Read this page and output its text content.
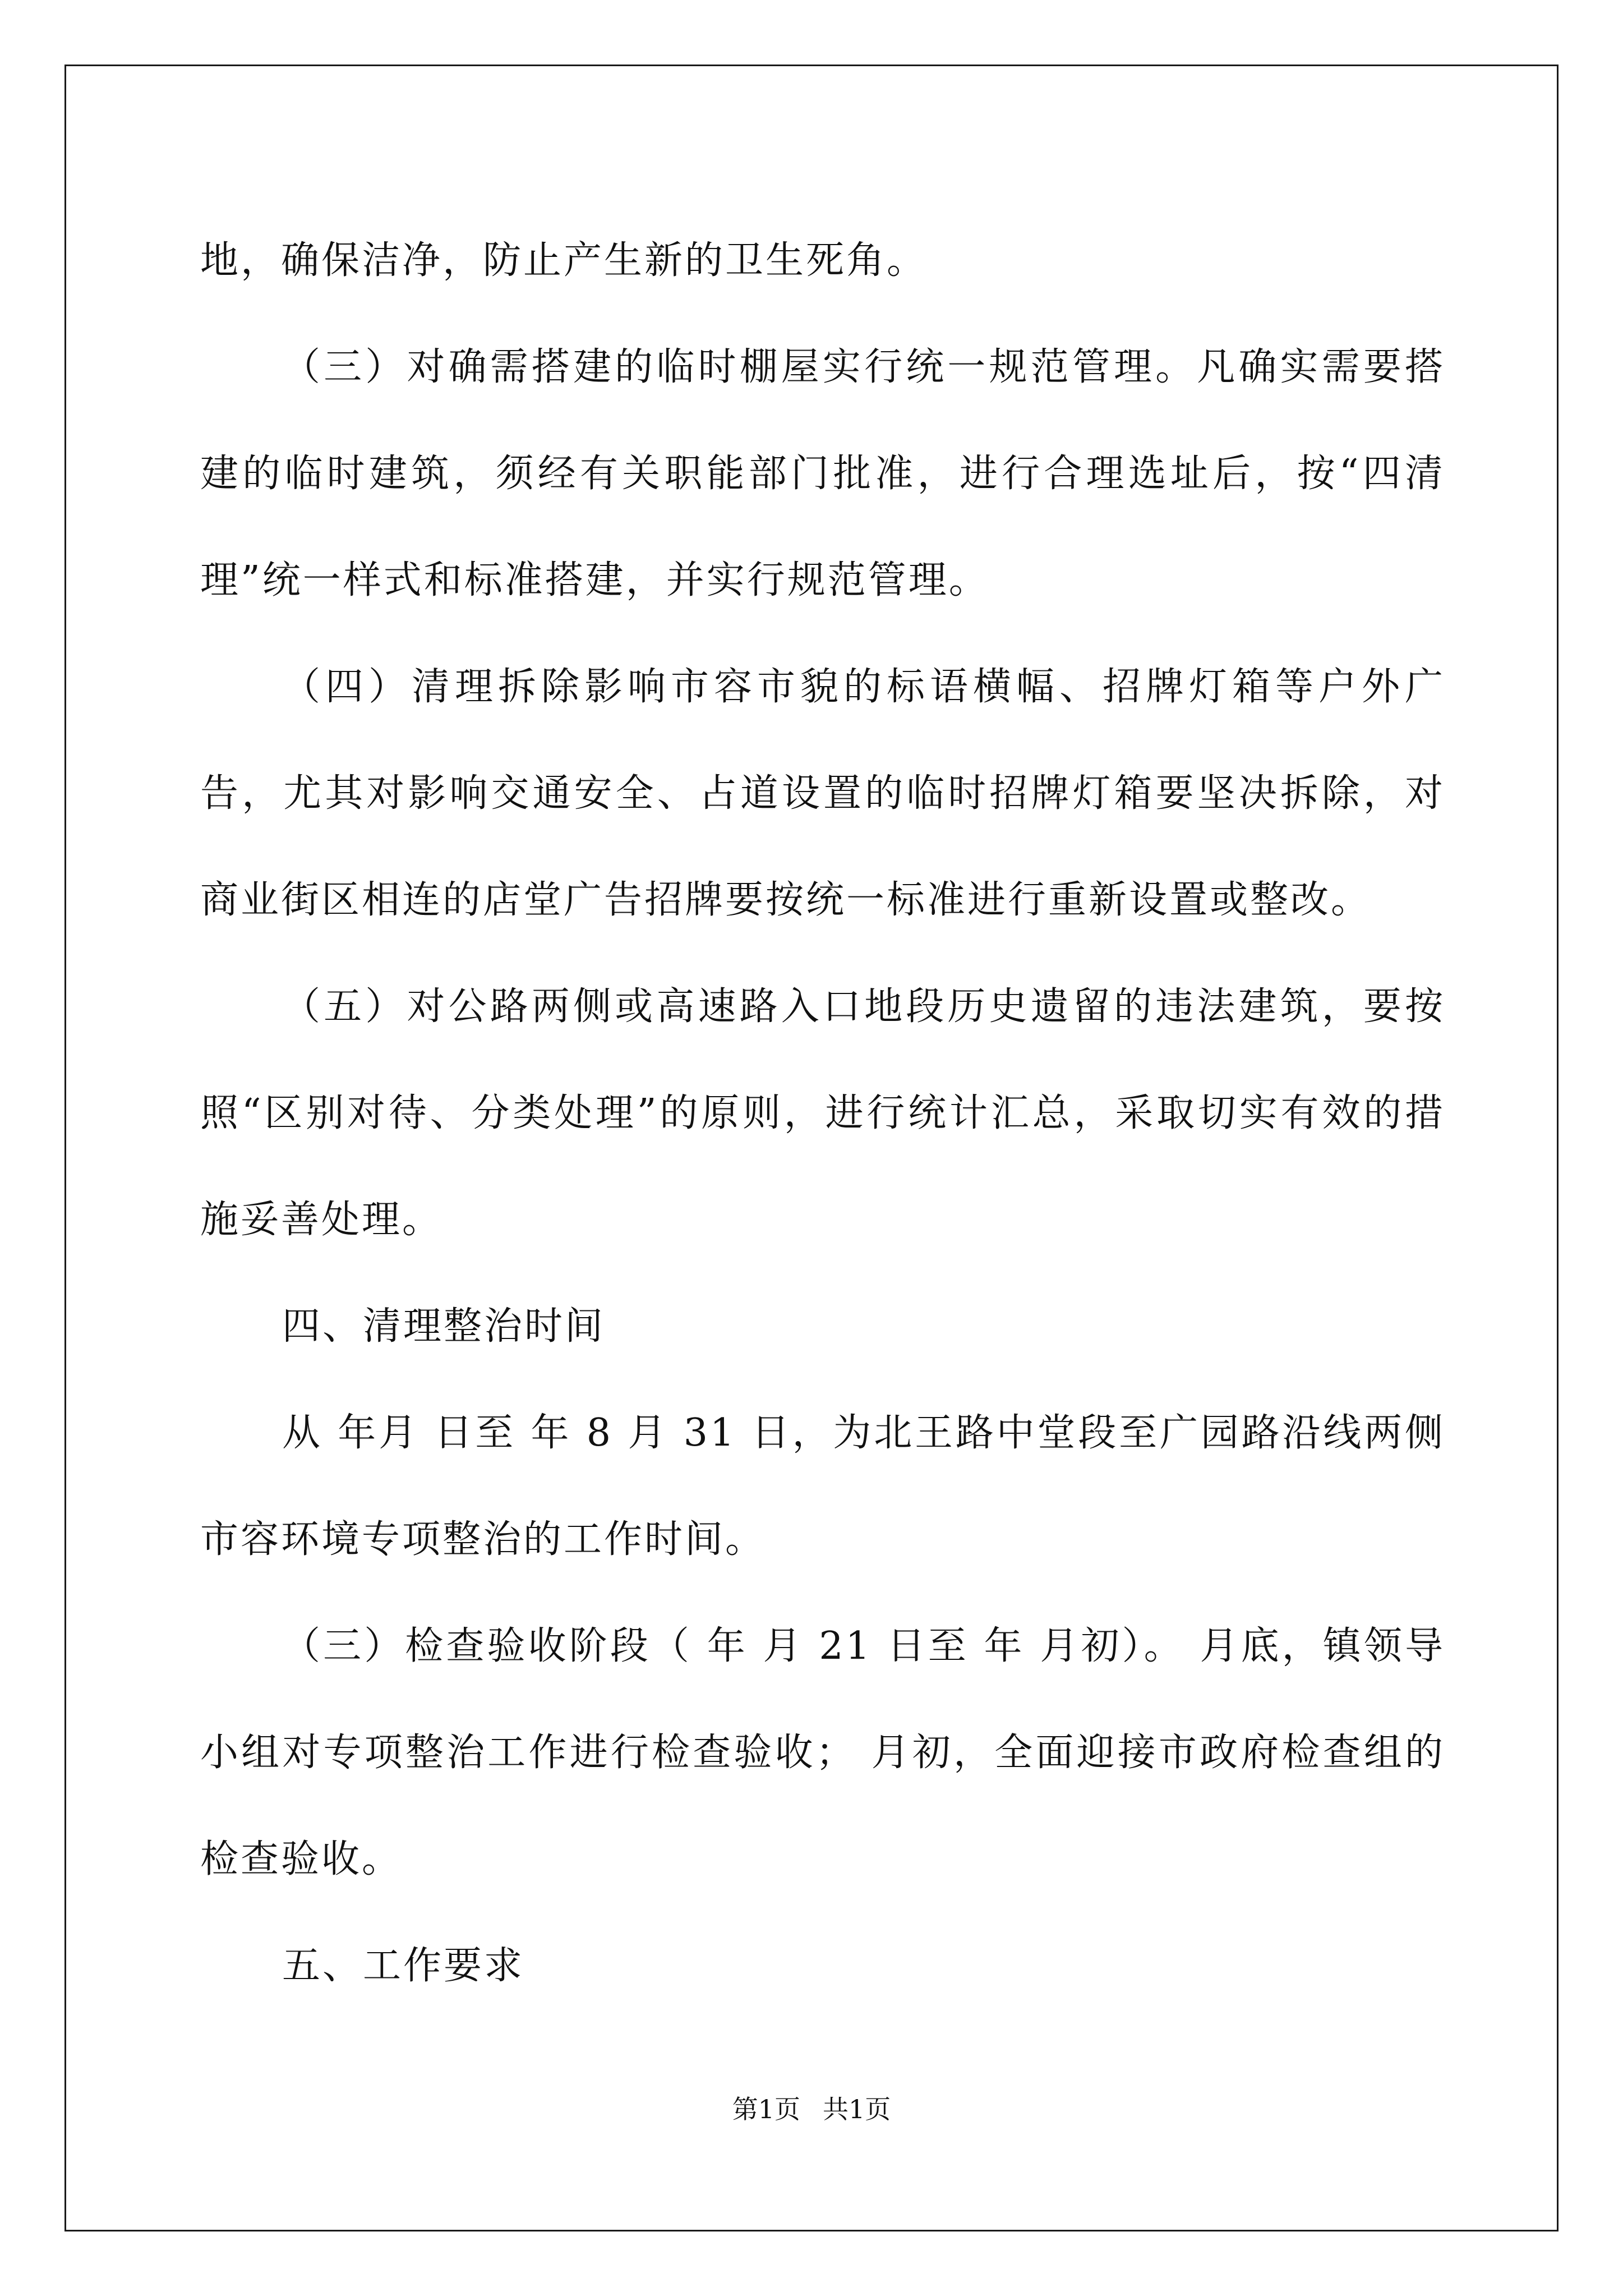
地，确保洁净，防止产生新的卫生死角。

（三）对确需搭建的临时棚屋实行统一规范管理。凡确实需要搭建的临时建筑，须经有关职能部门批准，进行合理选址后，按“四清理”统一样式和标准搭建，并实行规范管理。

（四）清理拆除影响市容市貌的标语横幅、招牌灯箱等户外广告，尤其对影响交通安全、占道设置的临时招牌灯箱要坚决拆除，对商业街区相连的店堂广告招牌要按统一标准进行重新设置或整改。

（五）对公路两侧或高速路入口地段历史遗留的违法建筑，要按照“区别对待、分类处理”的原则，进行统计汇总，采取切实有效的措施妥善处理。

四、清理整治时间

从 年月 日至 年 8 月 31 日，为北王路中堂段至广园路沿线两侧市容环境专项整治的工作时间。

（三）检查验收阶段（ 年 月 21 日至 年 月初）。 月底，镇领导小组对专项整治工作进行检查验收； 月初，全面迎接市政府检查组的检查验收。

五、工作要求

第1页 共1页
